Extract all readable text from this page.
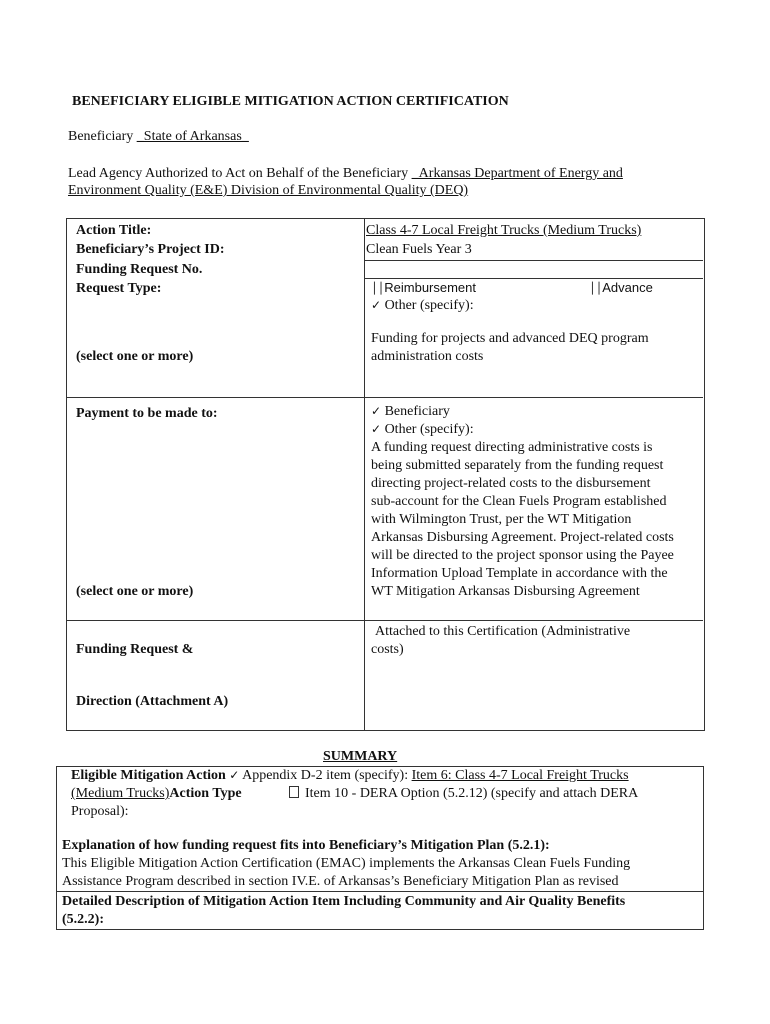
BENEFICIARY ELIGIBLE MITIGATION ACTION CERTIFICATION
Beneficiary _State of Arkansas_
Lead Agency Authorized to Act on Behalf of the Beneficiary _Arkansas Department of Energy and
Environment Quality (E&E) Division of Environmental Quality (DEQ)
Action Title:
Beneficiary’s Project ID:
Funding Request No.
Request Type:
(select one or more)
Payment to be made to:
(select one or more)
Funding Request &
Direction (Attachment A)
Class 4-7 Local Freight Trucks (Medium Trucks)
Clean Fuels Year 3
││Reimbursement	││Advance
✓ Other (specify):
Funding for projects and advanced DEQ program
administration costs
✓ Beneficiary
✓ Other (specify):
A funding request directing administrative costs is
being submitted separately from the funding request
directing project-related costs to the disbursement
sub-account for the Clean Fuels Program established
with Wilmington Trust, per the WT Mitigation
Arkansas Disbursing Agreement. Project-related costs
will be directed to the project sponsor using the Payee
Information Upload Template in accordance with the
WT Mitigation Arkansas Disbursing Agreement
Attached to this Certification (Administrative
costs)
SUMMARY
Eligible Mitigation Action ✓ Appendix D-2 item (specify): Item 6: Class 4-7 Local Freight Trucks
(Medium Trucks)Action Type	Item 10 - DERA Option (5.2.12) (specify and attach DERA
Proposal):
Explanation of how funding request fits into Beneficiary’s Mitigation Plan (5.2.1):
This Eligible Mitigation Action Certification (EMAC) implements the Arkansas Clean Fuels Funding
Assistance Program described in section IV.E. of Arkansas’s Beneficiary Mitigation Plan as revised
Detailed Description of Mitigation Action Item Including Community and Air Quality Benefits
(5.2.2):
